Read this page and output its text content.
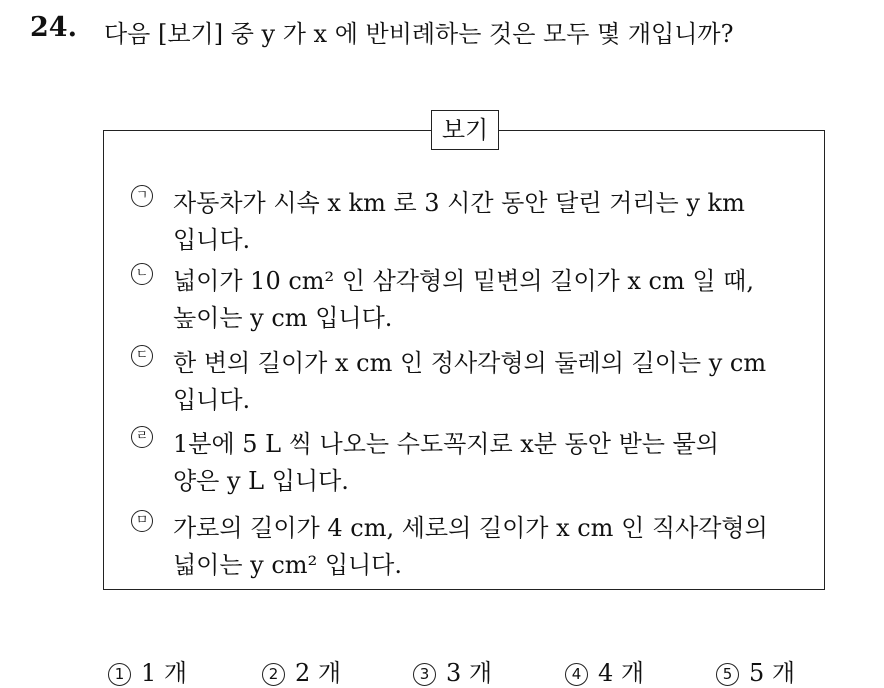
24. 다음 [보기] 중 y 가 x 에 반비례하는 것은 모두 몇 개입니까?
보기
ㄱ 자동차가 시속 x km 로 3 시간 동안 달린 거리는 y km
입니다.
ㄴ 넓이가 10 cm² 인 삼각형의 밑변의 길이가 x cm 일 때,
높이는 y cm 입니다.
ㄷ 한 변의 길이가 x cm 인 정사각형의 둘레의 길이는 y cm
입니다.
ㄹ 1분에 5 L 씩 나오는 수도꼭지로 x분 동안 받는 물의
양은 y L 입니다.
ㅁ 가로의 길이가 4 cm, 세로의 길이가 x cm 인 직사각형의
넓이는 y cm² 입니다.
1 1 개	2 2 개	3 3 개	4 4 개	5 5 개
